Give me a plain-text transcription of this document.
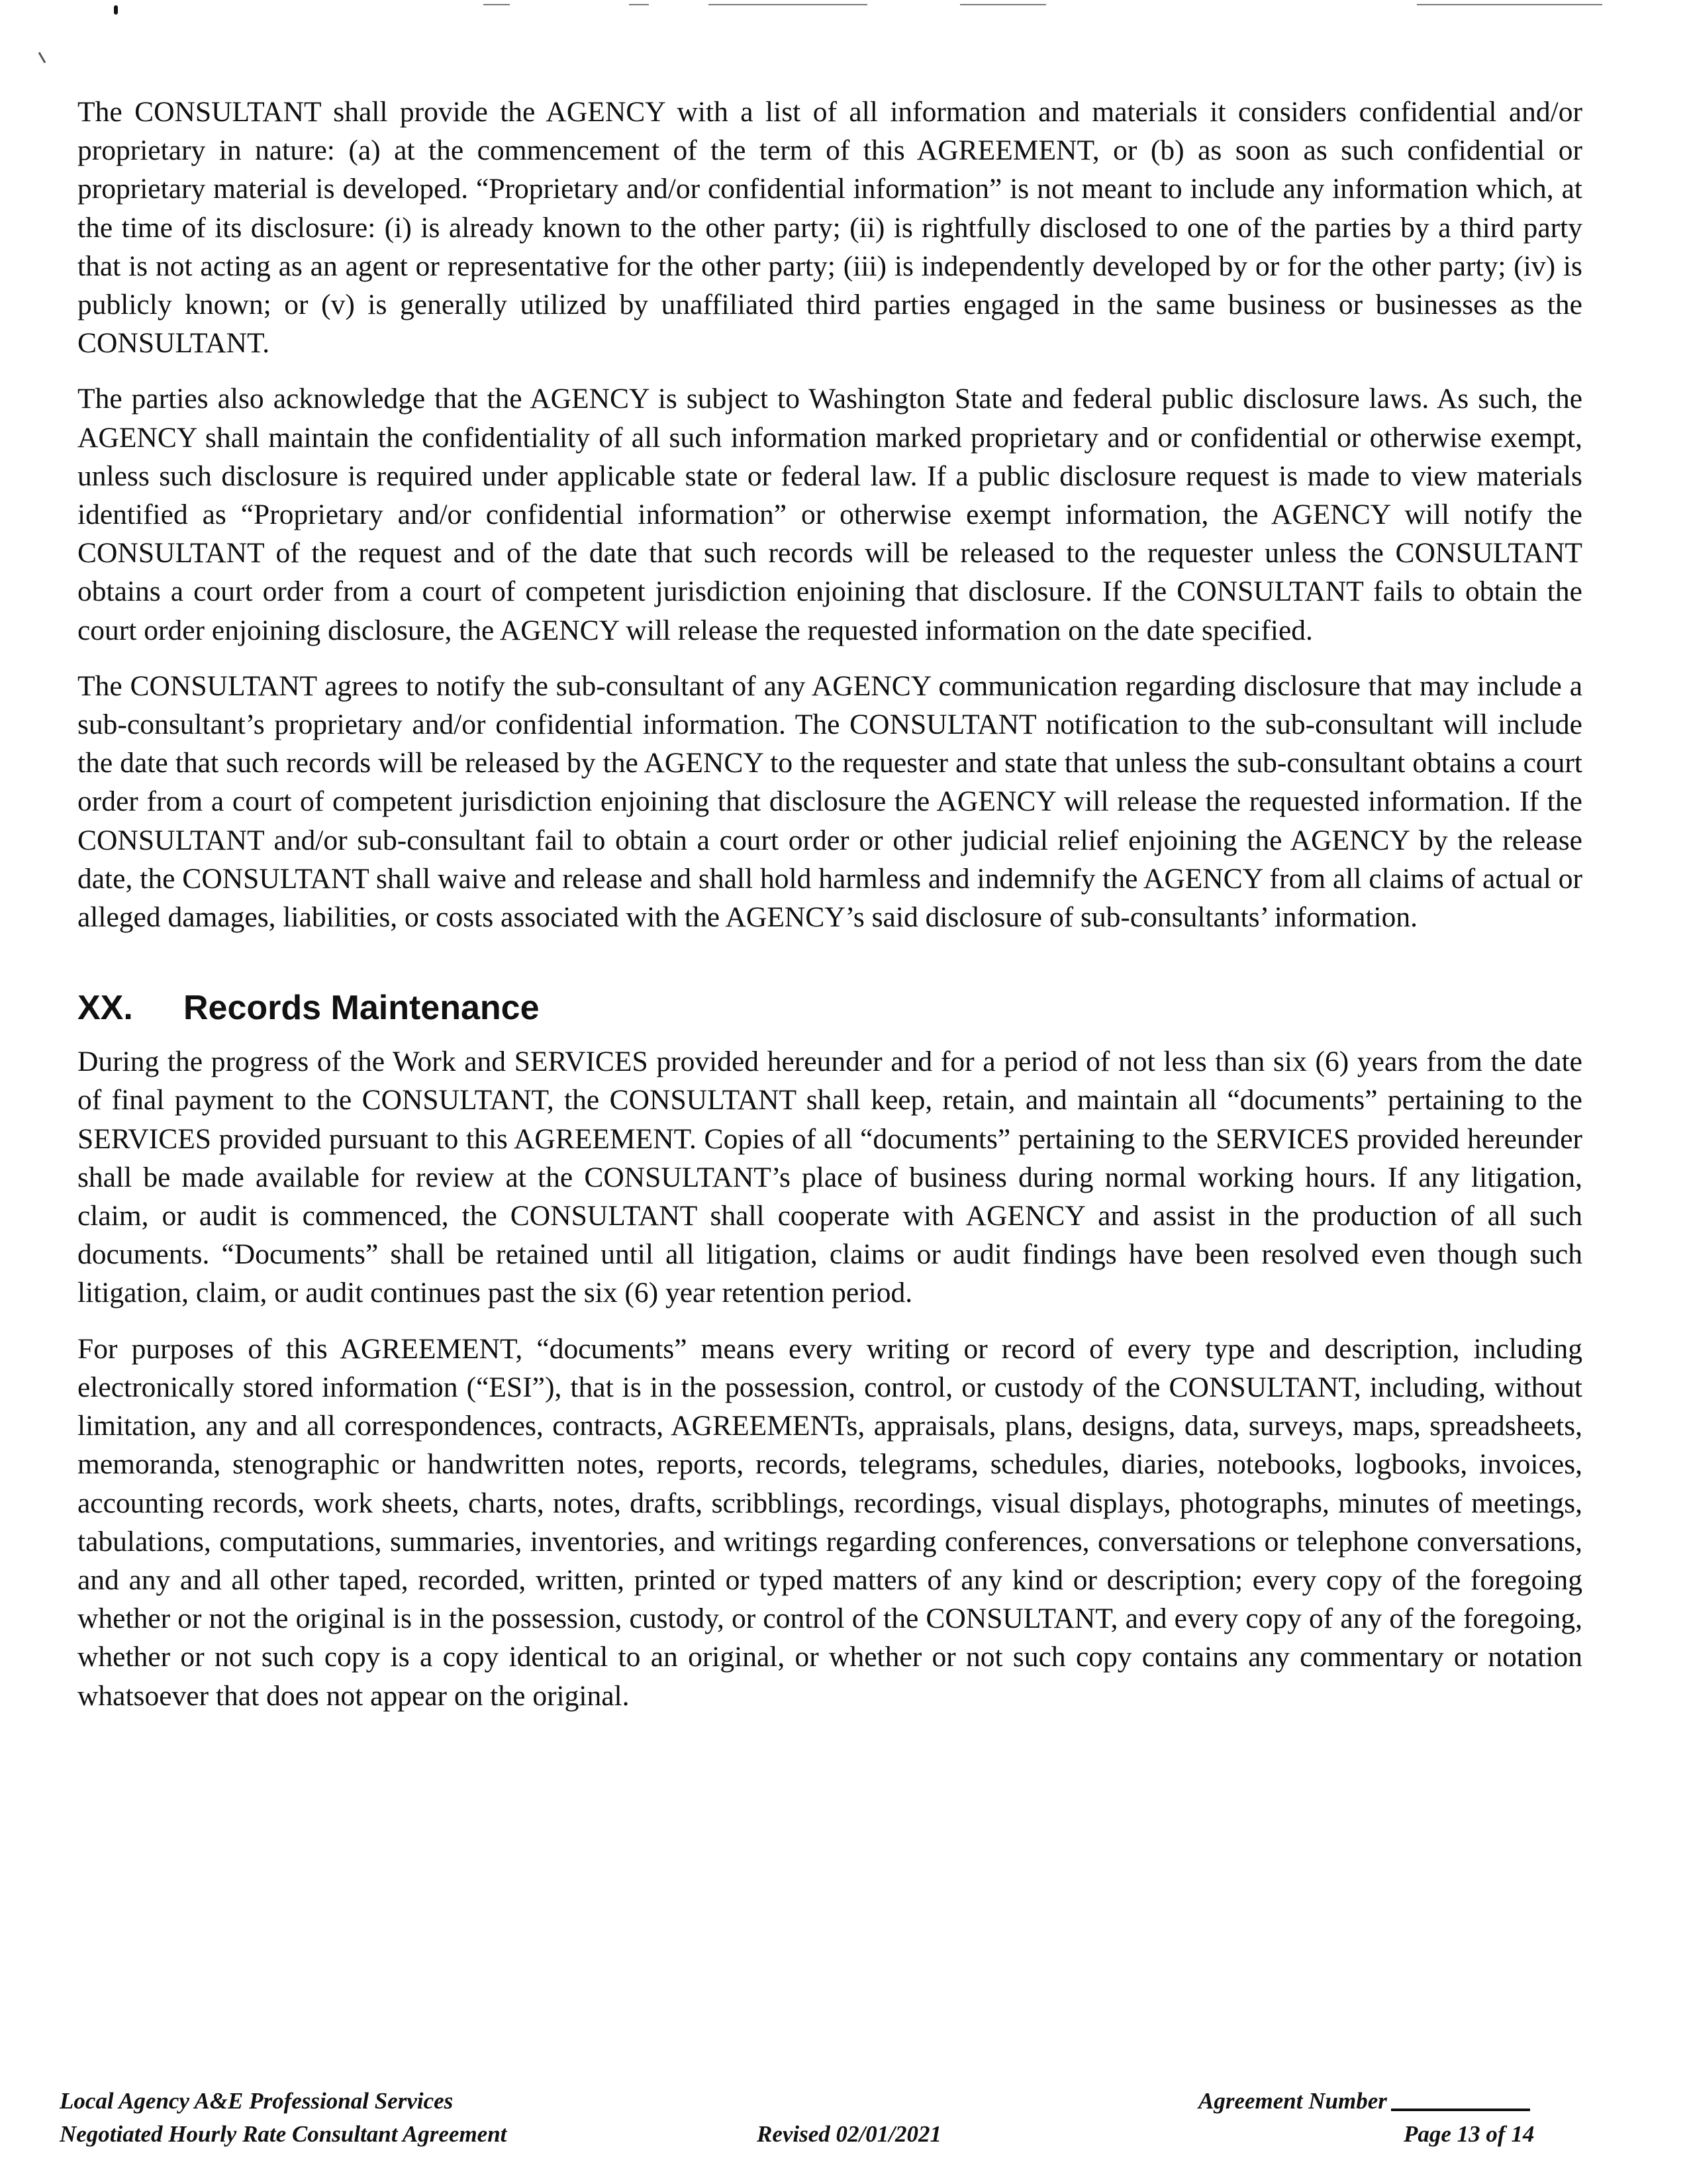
The CONSULTANT shall provide the AGENCY with a list of all information and materials it considers confidential and/or proprietary in nature: (a) at the commencement of the term of this AGREEMENT, or (b) as soon as such confidential or proprietary material is developed. “Proprietary and/or confidential information” is not meant to include any information which, at the time of its disclosure: (i) is already known to the other party; (ii) is rightfully disclosed to one of the parties by a third party that is not acting as an agent or representative for the other party; (iii) is independently developed by or for the other party; (iv) is publicly known; or (v) is generally utilized by unaffiliated third parties engaged in the same business or businesses as the CONSULTANT.

The parties also acknowledge that the AGENCY is subject to Washington State and federal public disclosure laws. As such, the AGENCY shall maintain the confidentiality of all such information marked proprietary and or confidential or otherwise exempt, unless such disclosure is required under applicable state or federal law. If a public disclosure request is made to view materials identified as “Proprietary and/or confidential information” or otherwise exempt information, the AGENCY will notify the CONSULTANT of the request and of the date that such records will be released to the requester unless the CONSULTANT obtains a court order from a court of competent jurisdiction enjoining that disclosure. If the CONSULTANT fails to obtain the court order enjoining disclosure, the AGENCY will release the requested information on the date specified.

The CONSULTANT agrees to notify the sub-consultant of any AGENCY communication regarding disclosure that may include a sub-consultant’s proprietary and/or confidential information. The CONSULTANT notification to the sub-consultant will include the date that such records will be released by the AGENCY to the requester and state that unless the sub-consultant obtains a court order from a court of competent jurisdiction enjoining that disclosure the AGENCY will release the requested information. If the CONSULTANT and/or sub-consultant fail to obtain a court order or other judicial relief enjoining the AGENCY by the release date, the CONSULTANT shall waive and release and shall hold harmless and indemnify the AGENCY from all claims of actual or alleged damages, liabilities, or costs associated with the AGENCY’s said disclosure of sub-consultants’ information.

XX.	Records Maintenance

During the progress of the Work and SERVICES provided hereunder and for a period of not less than six (6) years from the date of final payment to the CONSULTANT, the CONSULTANT shall keep, retain, and maintain all “documents” pertaining to the SERVICES provided pursuant to this AGREEMENT. Copies of all “documents” pertaining to the SERVICES provided hereunder shall be made available for review at the CONSULTANT’s place of business during normal working hours. If any litigation, claim, or audit is commenced, the CONSULTANT shall cooperate with AGENCY and assist in the production of all such documents. “Documents” shall be retained until all litigation, claims or audit findings have been resolved even though such litigation, claim, or audit continues past the six (6) year retention period.

For purposes of this AGREEMENT, “documents” means every writing or record of every type and description, including electronically stored information (“ESI”), that is in the possession, control, or custody of the CONSULTANT, including, without limitation, any and all correspondences, contracts, AGREEMENTs, appraisals, plans, designs, data, surveys, maps, spreadsheets, memoranda, stenographic or handwritten notes, reports, records, telegrams, schedules, diaries, notebooks, logbooks, invoices, accounting records, work sheets, charts, notes, drafts, scribblings, recordings, visual displays, photographs, minutes of meetings, tabulations, computations, summaries, inventories, and writings regarding conferences, conversations or telephone conversations, and any and all other taped, recorded, written, printed or typed matters of any kind or description; every copy of the foregoing whether or not the original is in the possession, custody, or control of the CONSULTANT, and every copy of any of the foregoing, whether or not such copy is a copy identical to an original, or whether or not such copy contains any commentary or notation whatsoever that does not appear on the original.

Local Agency A&E Professional Services
Negotiated Hourly Rate Consultant Agreement	Revised 02/01/2021
Agreement Number
Page 13 of 14
